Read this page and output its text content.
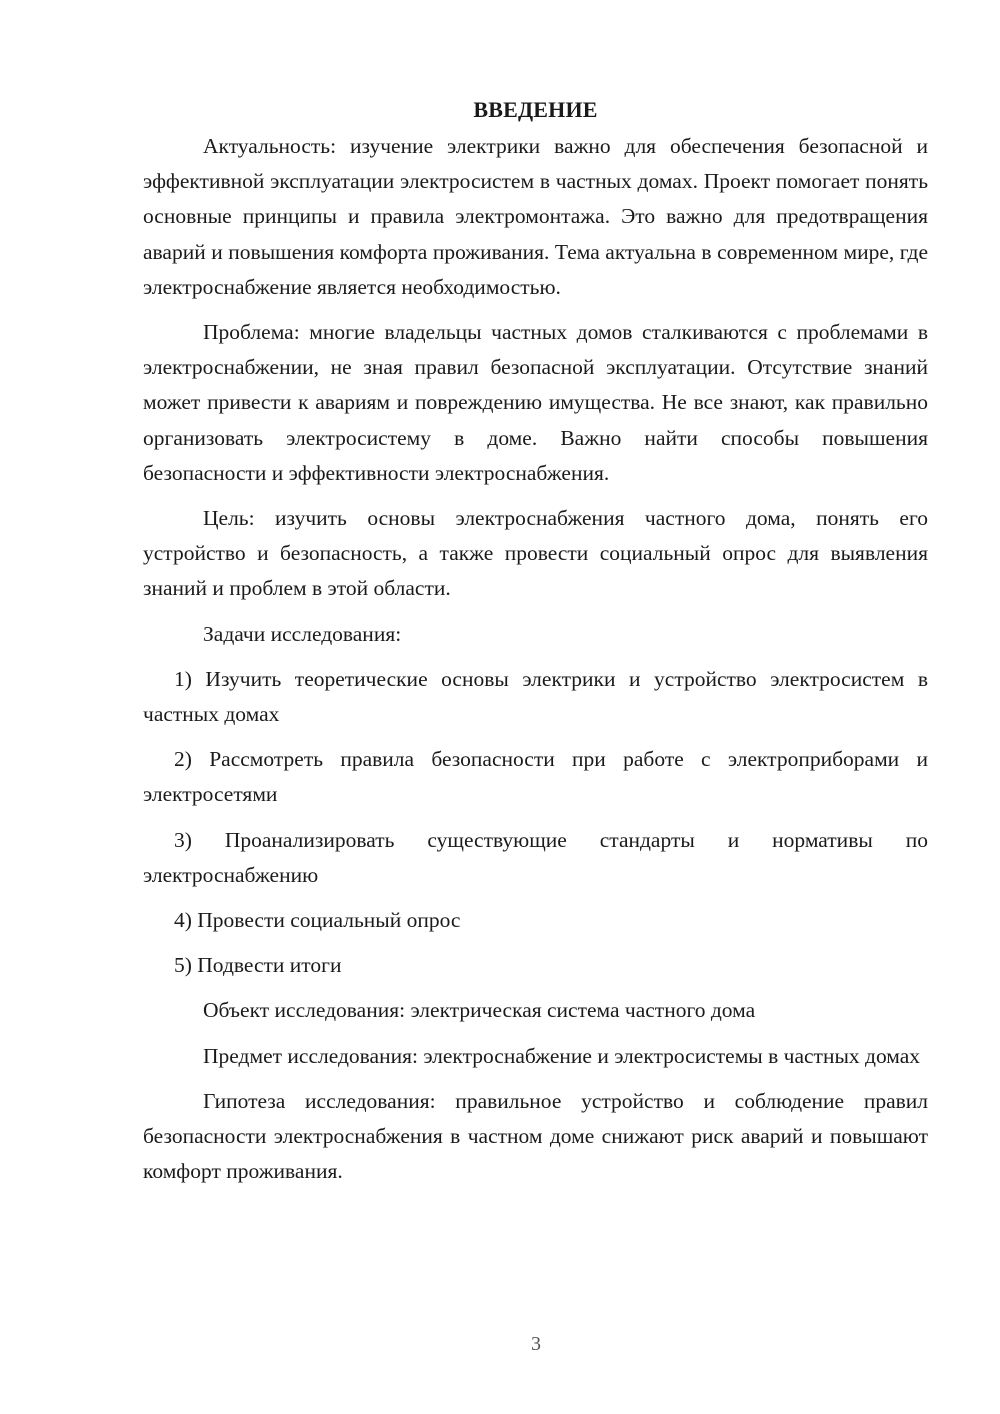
ВВЕДЕНИЕ

Актуальность: изучение электрики важно для обеспечения безопасной и эффективной эксплуатации электросистем в частных домах. Проект помогает понять основные принципы и правила электромонтажа. Это важно для предотвращения аварий и повышения комфорта проживания. Тема актуальна в современном мире, где электроснабжение является необходимостью.

Проблема: многие владельцы частных домов сталкиваются с проблемами в электроснабжении, не зная правил безопасной эксплуатации. Отсутствие знаний может привести к авариям и повреждению имущества. Не все знают, как правильно организовать электросистему в доме. Важно найти способы повышения безопасности и эффективности электроснабжения.

Цель: изучить основы электроснабжения частного дома, понять его устройство и безопасность, а также провести социальный опрос для выявления знаний и проблем в этой области.

Задачи исследования:

1) Изучить теоретические основы электрики и устройство электросистем в частных домах

2) Рассмотреть правила безопасности при работе с электроприборами и электросетями

3) Проанализировать существующие стандарты и нормативы по электроснабжению

4) Провести социальный опрос

5) Подвести итоги

Объект исследования: электрическая система частного дома

Предмет исследования: электроснабжение и электросистемы в частных домах

Гипотеза исследования: правильное устройство и соблюдение правил безопасности электроснабжения в частном доме снижают риск аварий и повышают комфорт проживания.

3
